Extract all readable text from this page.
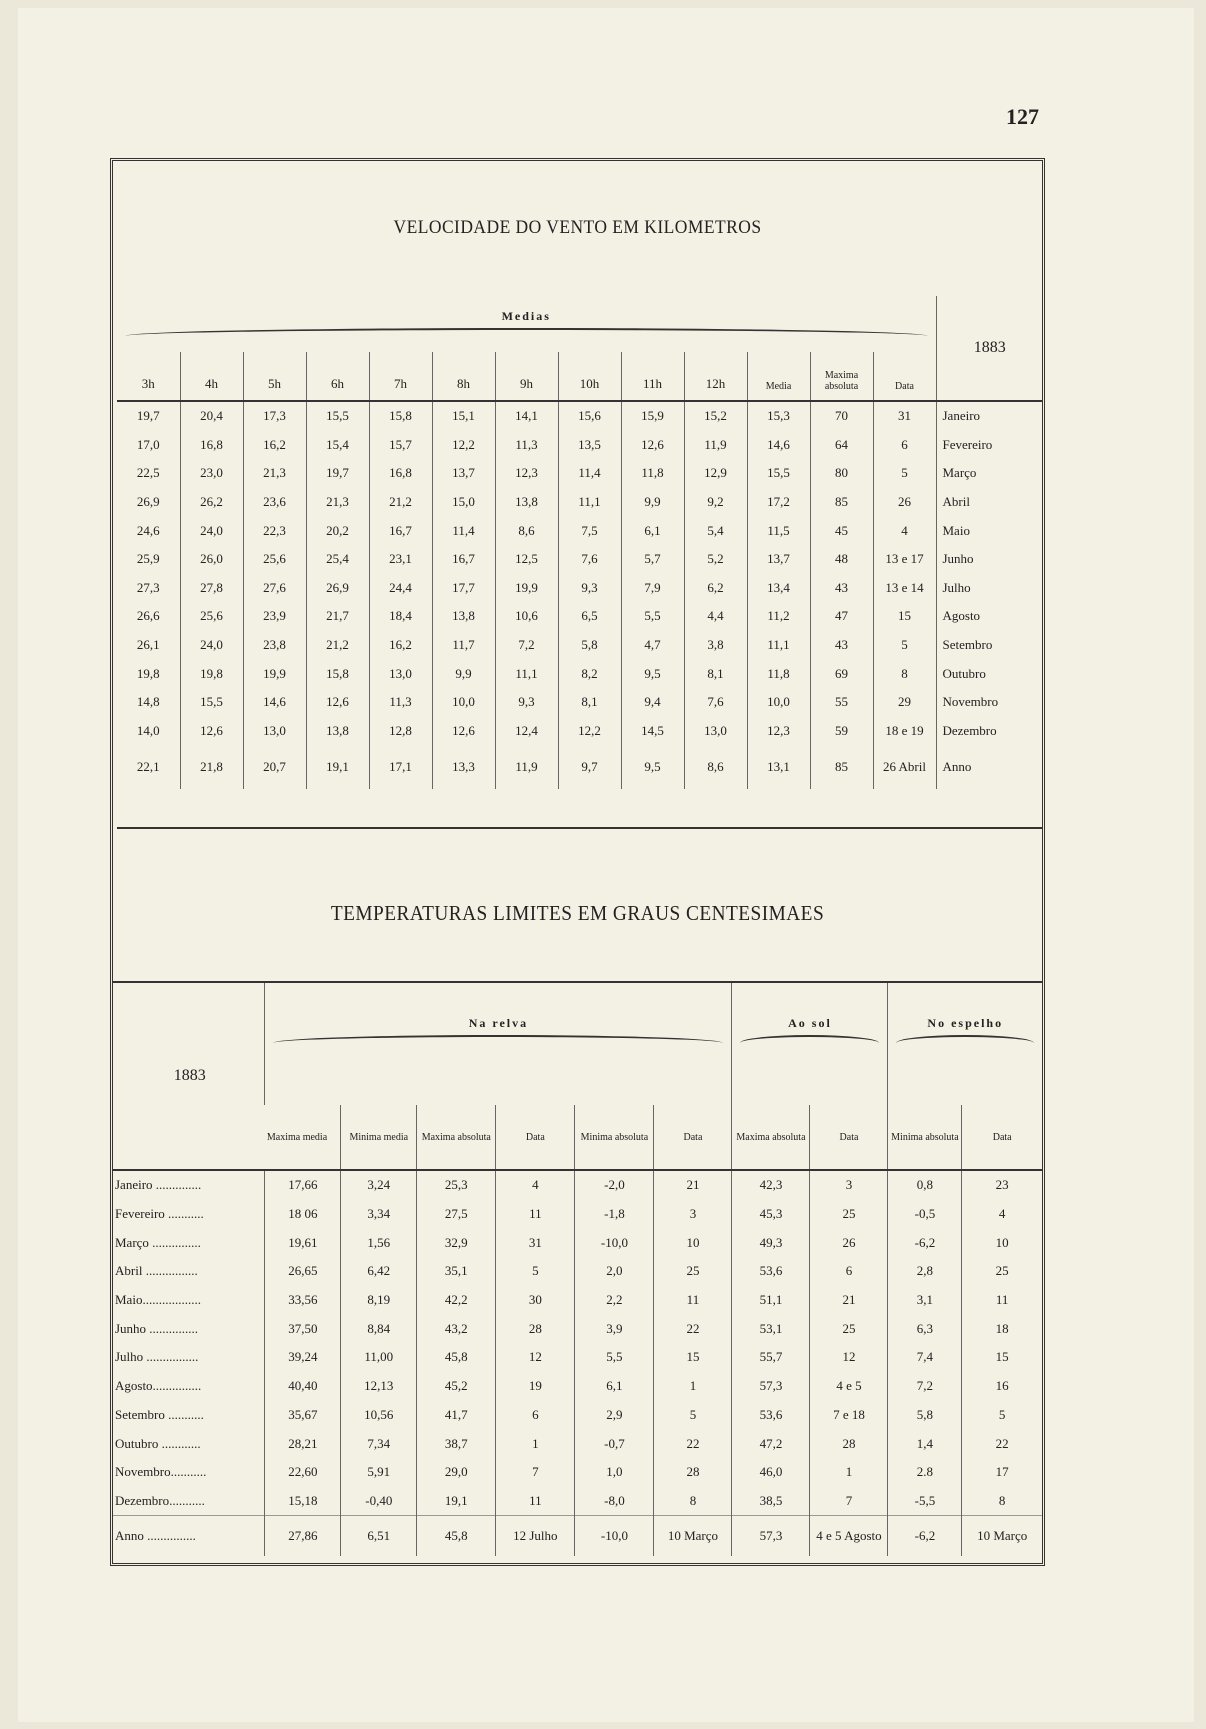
127
VELOCIDADE DO VENTO EM KILOMETROS
Medias													1883
3h	4h	5h	6h	7h	8h	9h	10h	11h	12h	Media	Maxima absoluta	Data	
19,7	20,4	17,3	15,5	15,8	15,1	14,1	15,6	15,9	15,2	15,3	70	31	Janeiro
17,0	16,8	16,2	15,4	15,7	12,2	11,3	13,5	12,6	11,9	14,6	64	6	Fevereiro
22,5	23,0	21,3	19,7	16,8	13,7	12,3	11,4	11,8	12,9	15,5	80	5	Março
26,9	26,2	23,6	21,3	21,2	15,0	13,8	11,1	9,9	9,2	17,2	85	26	Abril
24,6	24,0	22,3	20,2	16,7	11,4	8,6	7,5	6,1	5,4	11,5	45	4	Maio
25,9	26,0	25,6	25,4	23,1	16,7	12,5	7,6	5,7	5,2	13,7	48	13 e 17	Junho
27,3	27,8	27,6	26,9	24,4	17,7	19,9	9,3	7,9	6,2	13,4	43	13 e 14	Julho
26,6	25,6	23,9	21,7	18,4	13,8	10,6	6,5	5,5	4,4	11,2	47	15	Agosto
26,1	24,0	23,8	21,2	16,2	11,7	7,2	5,8	4,7	3,8	11,1	43	5	Setembro
19,8	19,8	19,9	15,8	13,0	9,9	11,1	8,2	9,5	8,1	11,8	69	8	Outubro
14,8	15,5	14,6	12,6	11,3	10,0	9,3	8,1	9,4	7,6	10,0	55	29	Novembro
14,0	12,6	13,0	13,8	12,8	12,6	12,4	12,2	14,5	13,0	12,3	59	18 e 19	Dezembro
22,1	21,8	20,7	19,1	17,1	13,3	11,9	9,7	9,5	8,6	13,1	85	26 Abril	Anno
TEMPERATURAS LIMITES EM GRAUS CENTESIMAES
1883	Na relva						Ao sol		No espelho	

	Maxima media	Minima media	Maxima absoluta	Data	Minima absoluta	Data	Maxima absoluta	Data	Minima absoluta	Data
Janeiro ..............	17,66	3,24	25,3	4	-2,0	21	42,3	3	0,8	23
Fevereiro ...........	18 06	3,34	27,5	11	-1,8	3	45,3	25	-0,5	4
Março ...............	19,61	1,56	32,9	31	-10,0	10	49,3	26	-6,2	10
Abril ................	26,65	6,42	35,1	5	2,0	25	53,6	6	2,8	25
Maio..................	33,56	8,19	42,2	30	2,2	11	51,1	21	3,1	11
Junho ...............	37,50	8,84	43,2	28	3,9	22	53,1	25	6,3	18
Julho ................	39,24	11,00	45,8	12	5,5	15	55,7	12	7,4	15
Agosto...............	40,40	12,13	45,2	19	6,1	1	57,3	4 e 5	7,2	16
Setembro ...........	35,67	10,56	41,7	6	2,9	5	53,6	7 e 18	5,8	5
Outubro ............	28,21	7,34	38,7	1	-0,7	22	47,2	28	1,4	22
Novembro...........	22,60	5,91	29,0	7	1,0	28	46,0	1	2.8	17
Dezembro...........	15,18	-0,40	19,1	11	-8,0	8	38,5	7	-5,5	8
Anno ...............	27,86	6,51	45,8	12 Julho	-10,0	10 Março	57,3	4 e 5 Agosto	-6,2	10 Março
